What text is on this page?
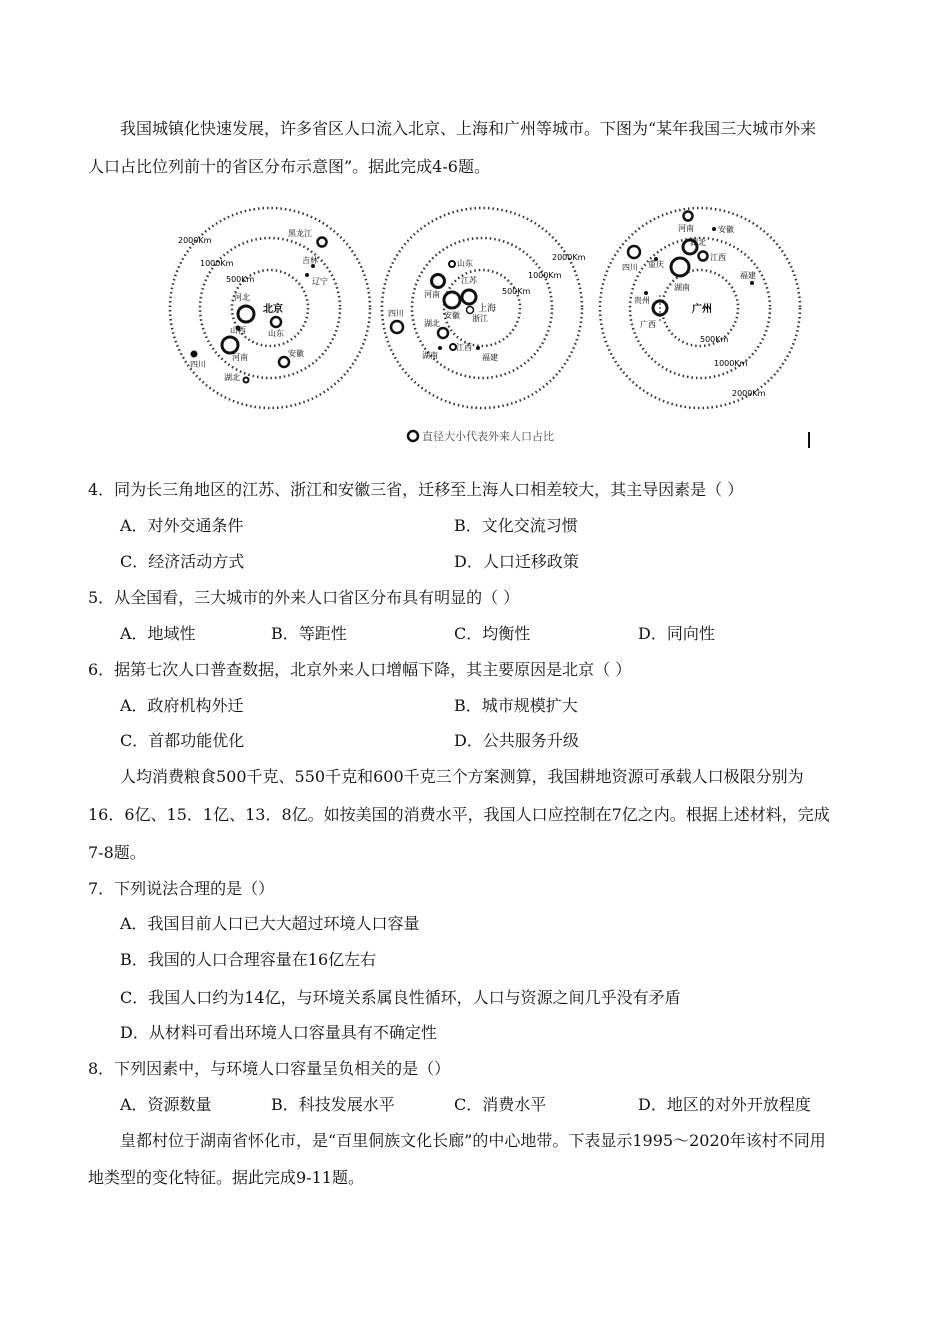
我国城镇化快速发展，许多省区人口流入北京、上海和广州等城市。下图为“某年我国三大城市外来
人口占比位列前十的省区分布示意图”。据此完成4-6题。
北京
2000Km
1000Km
500Km
黑龙江
吉林
辽宁
河北
山西	山东
河南	安徽
四川
湖北
上海
2000Km
1000Km
500Km
山东
江苏
河南
安徽 浙江
四川
湖北
江西
湖南	福建
广州
500Km
1000Km
2000Km
河南	安徽
湖北
四川 重庆
江西
湖南
福建
贵州
广西
直径大小代表外来人口占比
4．同为长三角地区的江苏、浙江和安徽三省，迁移至上海人口相差较大，其主导因素是（ ）
A．对外交通条件	B．文化交流习惯
C．经济活动方式	D．人口迁移政策
5．从全国看，三大城市的外来人口省区分布具有明显的（ ）
A．地域性	B．等距性	C．均衡性	D．同向性
6．据第七次人口普查数据，北京外来人口增幅下降，其主要原因是北京（ ）
A．政府机构外迁	B．城市规模扩大
C．首都功能优化	D．公共服务升级
人均消费粮食500千克、550千克和600千克三个方案测算，我国耕地资源可承载人口极限分别为
16．6亿、15．1亿、13．8亿。如按美国的消费水平，我国人口应控制在7亿之内。根据上述材料，完成
7-8题。
7．下列说法合理的是（）
A．我国目前人口已大大超过环境人口容量
B．我国的人口合理容量在16亿左右
C．我国人口约为14亿，与环境关系属良性循环，人口与资源之间几乎没有矛盾
D．从材料可看出环境人口容量具有不确定性
8．下列因素中，与环境人口容量呈负相关的是（）
A．资源数量	B．科技发展水平	C．消费水平	D．地区的对外开放程度
皇都村位于湖南省怀化市，是“百里侗族文化长廊”的中心地带。下表显示1995～2020年该村不同用
地类型的变化特征。据此完成9-11题。
